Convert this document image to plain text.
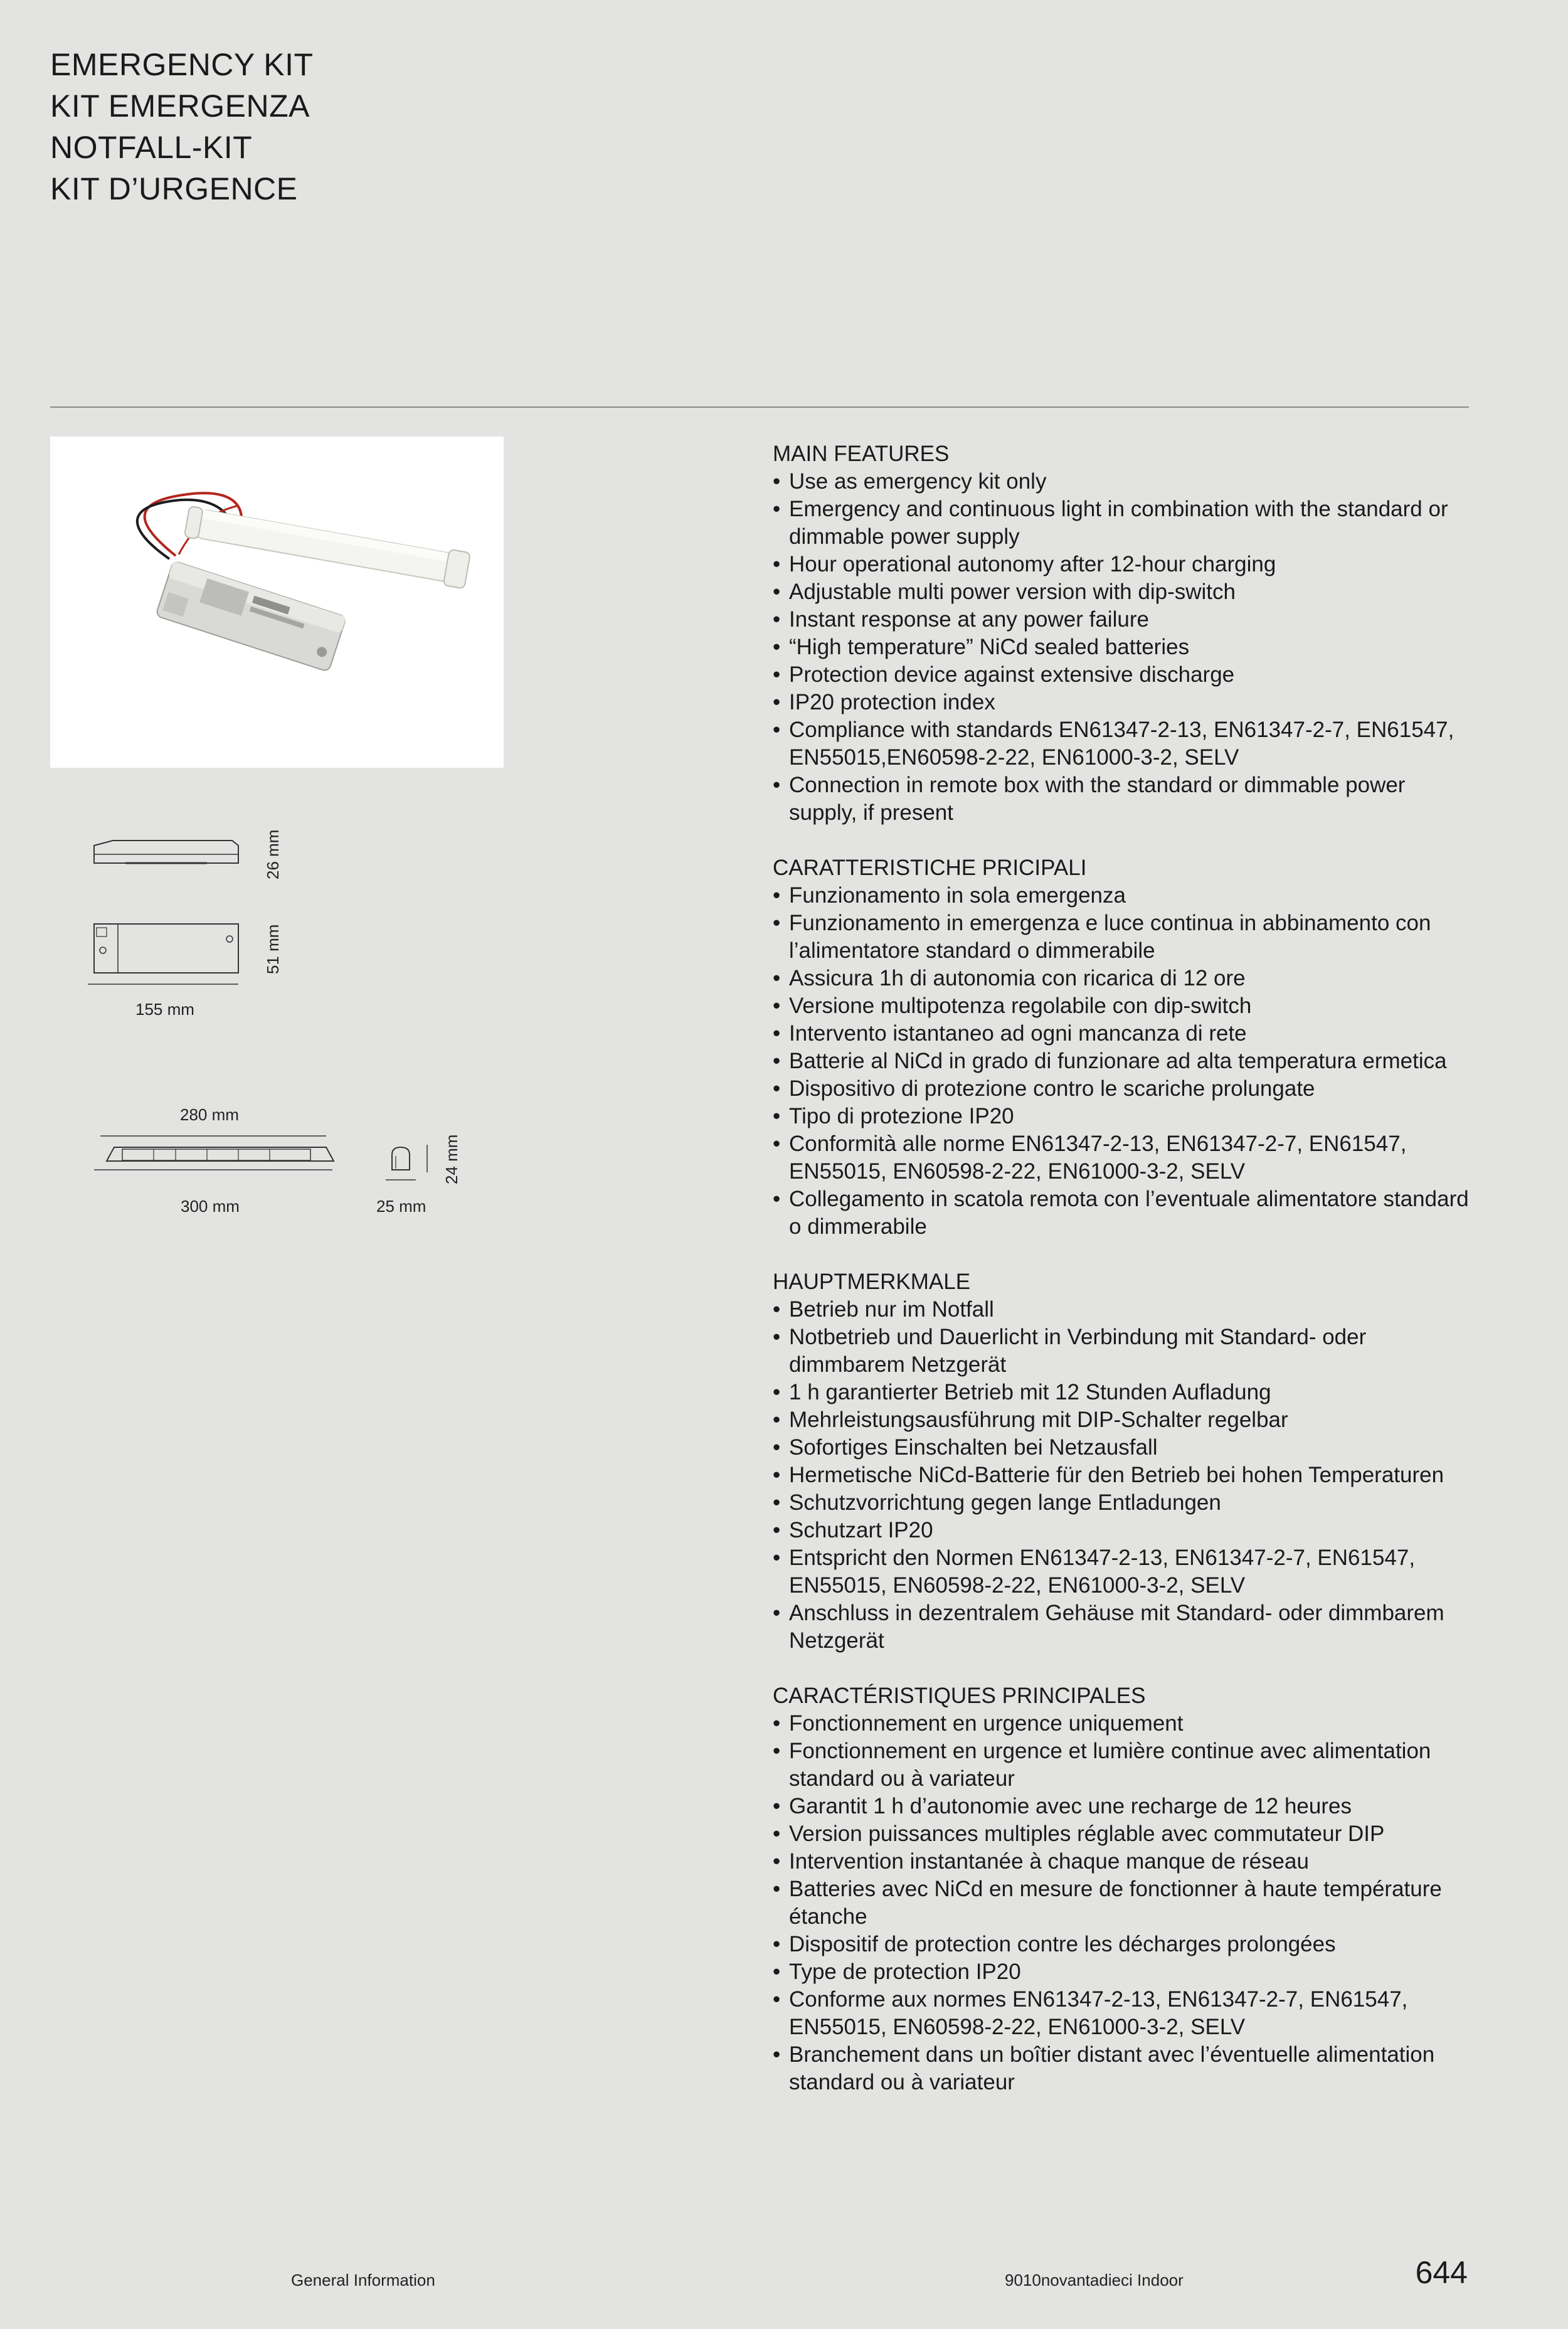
EMERGENCY KIT
KIT EMERGENZA
NOTFALL-KIT
KIT D’URGENCE
26 mm
51 mm
155 mm
280 mm
300 mm
24 mm
25 mm
MAIN FEATURES
• Use as emergency kit only
• Emergency and continuous light in combination with the standard or dimmable power supply
• Hour operational autonomy after 12-hour charging
• Adjustable multi power version with dip-switch
• Instant response at any power failure
• “High temperature” NiCd sealed batteries
• Protection device against extensive discharge
• IP20 protection index
• Compliance with standards EN61347-2-13, EN61347-2-7, EN61547, EN55015,EN60598-2-22, EN61000-3-2, SELV
• Connection in remote box with the standard or dimmable power supply, if present
CARATTERISTICHE PRICIPALI
• Funzionamento in sola emergenza
• Funzionamento in emergenza e luce continua in abbinamento con l’alimentatore standard o dimmerabile
• Assicura 1h di autonomia con ricarica di 12 ore
• Versione multipotenza regolabile con dip-switch
• Intervento istantaneo ad ogni mancanza di rete
• Batterie al NiCd in grado di funzionare ad alta temperatura ermetica
• Dispositivo di protezione contro le scariche prolungate
• Tipo di protezione IP20
• Conformità alle norme EN61347-2-13, EN61347-2-7, EN61547, EN55015, EN60598-2-22, EN61000-3-2, SELV
• Collegamento in scatola remota con l’eventuale alimentatore standard o dimmerabile
HAUPTMERKMALE
• Betrieb nur im Notfall
• Notbetrieb und Dauerlicht in Verbindung mit Standard- oder dimmbarem Netzgerät
• 1 h garantierter Betrieb mit 12 Stunden Aufladung
• Mehrleistungsausführung mit DIP-Schalter regelbar
• Sofortiges Einschalten bei Netzausfall
• Hermetische NiCd-Batterie für den Betrieb bei hohen Temperaturen
• Schutzvorrichtung gegen lange Entladungen
• Schutzart IP20
• Entspricht den Normen EN61347-2-13, EN61347-2-7, EN61547, EN55015, EN60598-2-22, EN61000-3-2, SELV
• Anschluss in dezentralem Gehäuse mit Standard- oder dimmbarem Netzgerät
CARACTÉRISTIQUES PRINCIPALES
• Fonctionnement en urgence uniquement
• Fonctionnement en urgence et lumière continue avec alimentation standard ou à variateur
• Garantit 1 h d’autonomie avec une recharge de 12 heures
• Version puissances multiples réglable avec commutateur DIP
• Intervention instantanée à chaque manque de réseau
• Batteries avec NiCd en mesure de fonctionner à haute température étanche
• Dispositif de protection contre les décharges prolongées
• Type de protection IP20
• Conforme aux normes EN61347-2-13, EN61347-2-7, EN61547, EN55015, EN60598-2-22, EN61000-3-2, SELV
• Branchement dans un boîtier distant avec l’éventuelle alimentation standard ou à variateur
General Information	9010novantadieci Indoor	644
